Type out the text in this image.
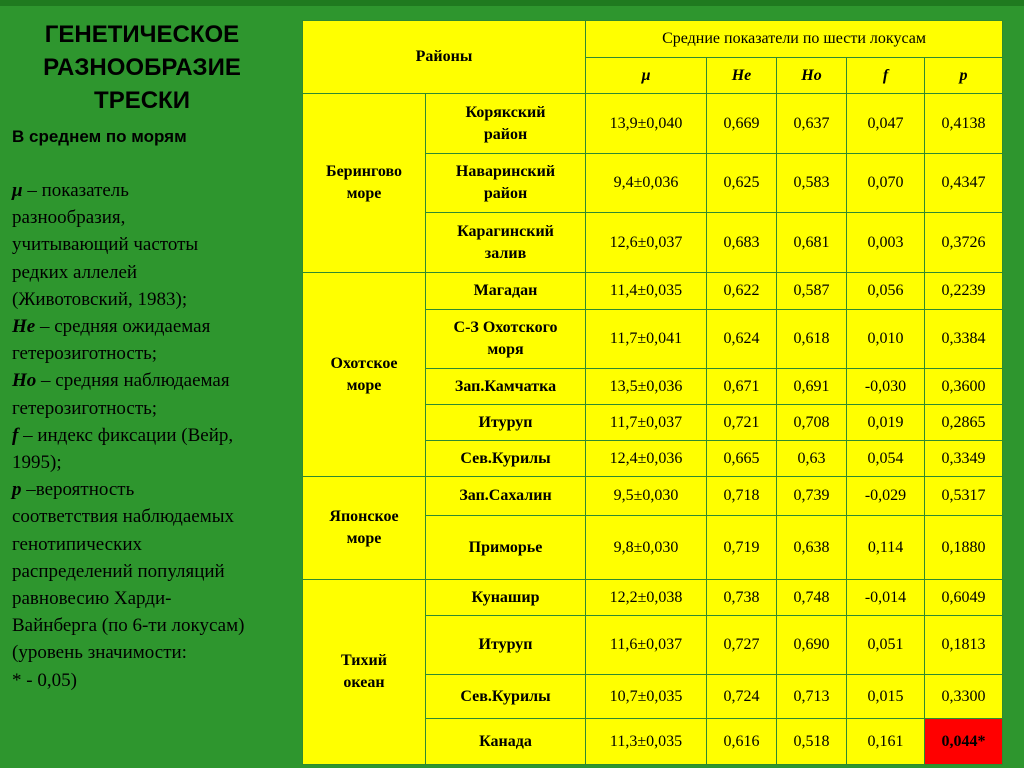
ГЕНЕТИЧЕСКОЕ
РАЗНООБРАЗИЕ
ТРЕСКИ
В среднем по морям
μ – показатель
разнообразия,
учитывающий частоты
редких аллелей
(Животовский, 1983);
Не – средняя ожидаемая
гетерозиготность;
Но – средняя наблюдаемая
гетерозиготность;
f – индекс фиксации (Вейр,
1995);
р –вероятность
соответствия наблюдаемых
генотипических
распределений популяций
равновесию Харди-
Вайнберга (по 6-ти локусам)
(уровень значимости:
* - 0,05)
Районы		Средние показатели по шести локусам				
		μ	Не	Но	f	р
Берингово
море	Корякский
район	13,9±0,040	0,669	0,637	0,047	0,4138
	Наваринский
район	9,4±0,036	0,625	0,583	0,070	0,4347
	Карагинский
залив	12,6±0,037	0,683	0,681	0,003	0,3726
Охотское
море	Магадан	11,4±0,035	0,622	0,587	0,056	0,2239
	С-З Охотского
моря	11,7±0,041	0,624	0,618	0,010	0,3384
	Зап.Камчатка	13,5±0,036	0,671	0,691	-0,030	0,3600
	Итуруп	11,7±0,037	0,721	0,708	0,019	0,2865
	Сев.Курилы	12,4±0,036	0,665	0,63	0,054	0,3349
Японское
море	Зап.Сахалин	9,5±0,030	0,718	0,739	-0,029	0,5317
	Приморье	9,8±0,030	0,719	0,638	0,114	0,1880
Тихий
океан	Кунашир	12,2±0,038	0,738	0,748	-0,014	0,6049
	Итуруп	11,6±0,037	0,727	0,690	0,051	0,1813
	Сев.Курилы	10,7±0,035	0,724	0,713	0,015	0,3300
	Канада	11,3±0,035	0,616	0,518	0,161	0,044*
